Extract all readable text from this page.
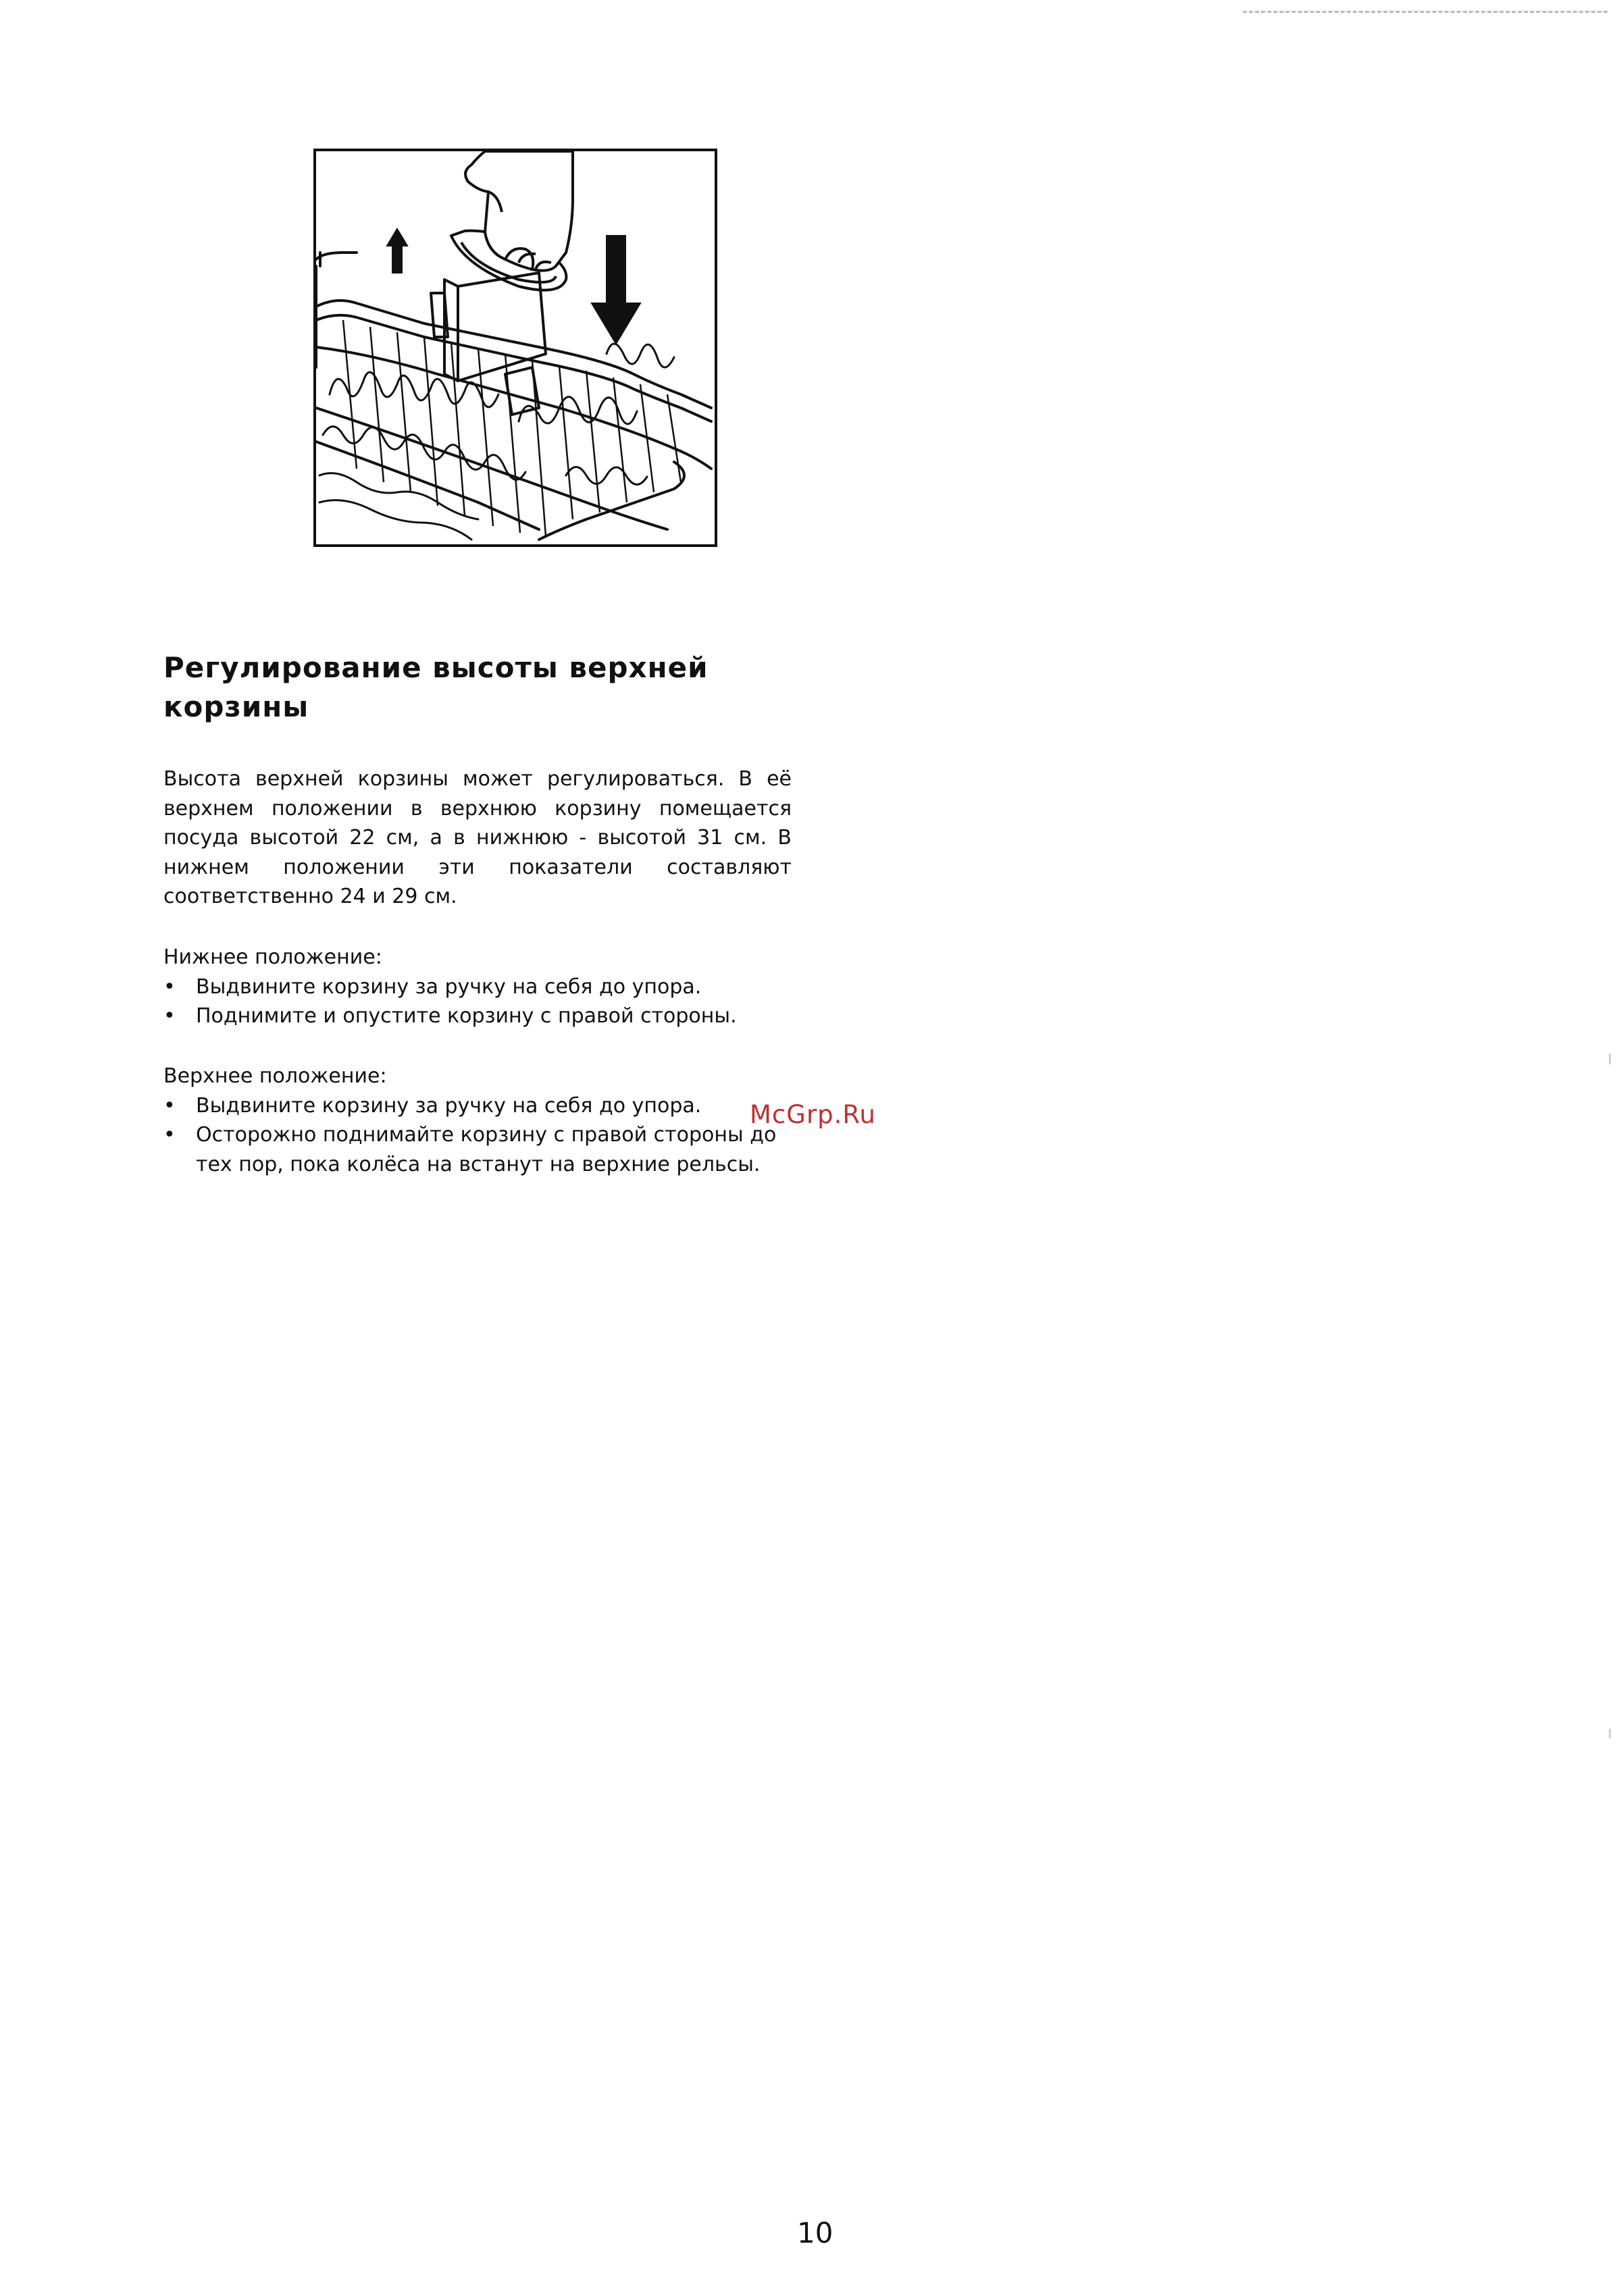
Регулирование высоты верхней корзины
Высота верхней корзины может регулироваться. В её верхнем положении в верхнюю корзину помещается посуда высотой 22 см, а в нижнюю - высотой 31 см. В нижнем положении эти показатели составляют соответственно 24 и 29 см.

Нижнее положение:

• Выдвините корзину за ручку на себя до упора.
• Поднимите и опустите корзину с правой стороны.

Верхнее положение:

• Выдвините корзину за ручку на себя до упора.
• Осторожно поднимайте корзину с правой стороны до тех пор, пока колёса на встанут на верхние рельсы.
McGrp.Ru
10
